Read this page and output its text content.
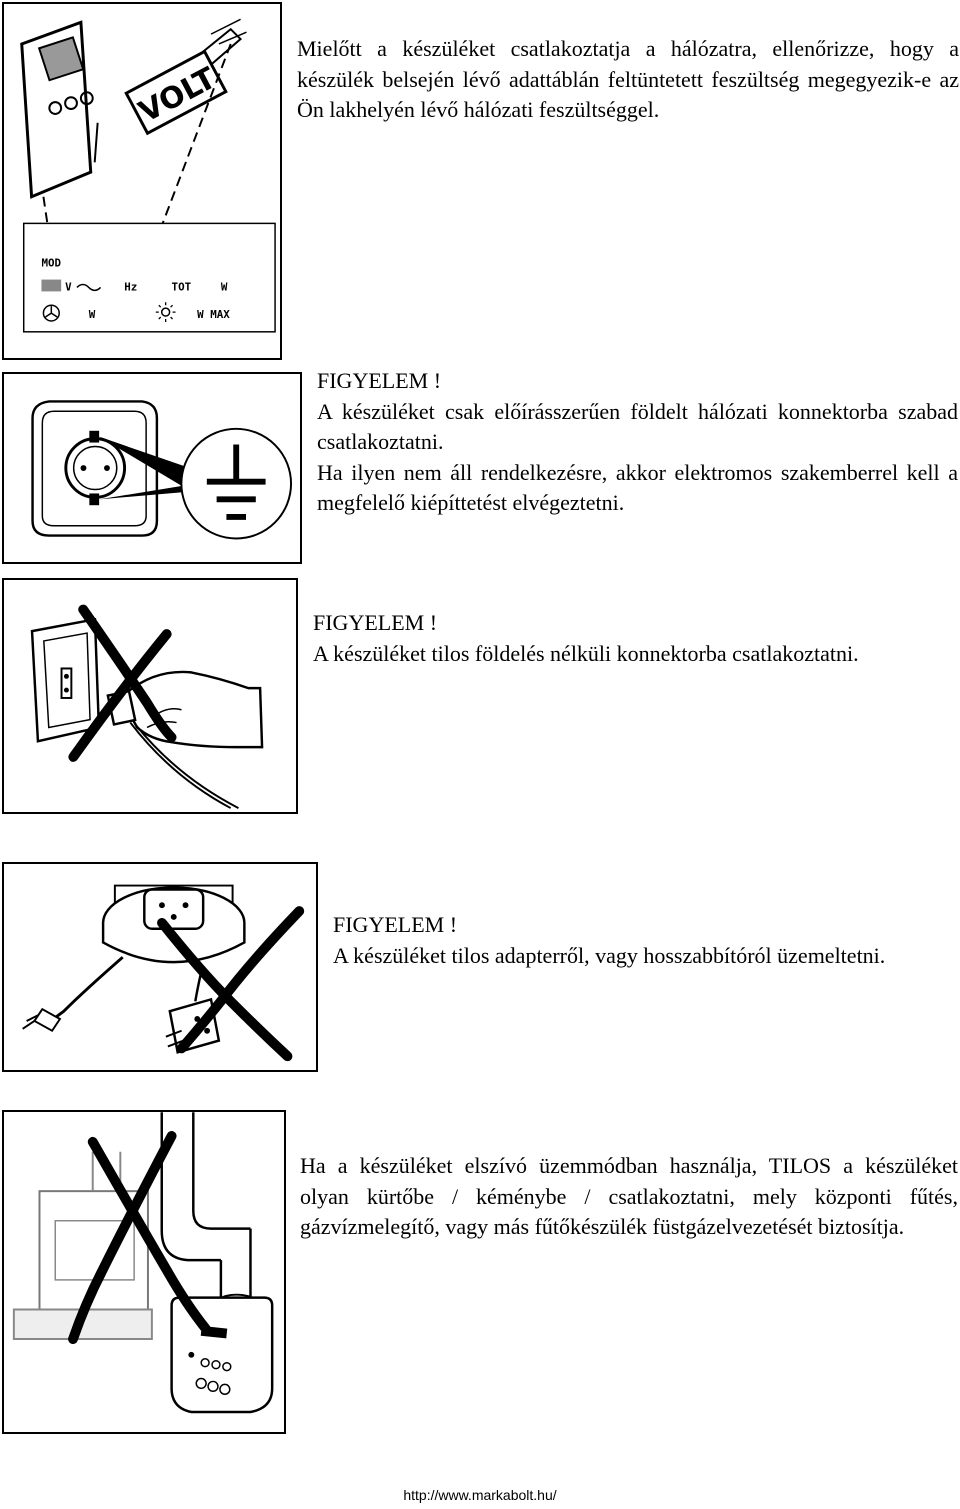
VOLT
MOD
V	Hz	TOT	W
W	W MAX
Mielőtt a készüléket csatlakoztatja a hálózatra, ellenőrizze, hogy a készülék belsején lévő adattáblán feltüntetett feszültség megegyezik-e az Ön lakhelyén lévő hálózati feszültséggel.
FIGYELEM !
A készüléket csak előírásszerűen földelt hálózati konnektorba szabad csatlakoztatni.
Ha ilyen nem áll rendelkezésre, akkor elektromos szakemberrel kell a megfelelő kiépíttetést elvégeztetni.
FIGYELEM !
A készüléket tilos földelés nélküli konnektorba csatlakoztatni.
FIGYELEM !
A készüléket tilos adapterről, vagy hosszabbítóról üzemeltetni.
Ha a készüléket elszívó üzemmódban használja, TILOS a készüléket olyan kürtőbe / kéménybe / csatlakoztatni, mely központi fűtés, gázvízmelegítő, vagy más fűtőkészülék füstgázelvezetését biztosítja.
http://www.markabolt.hu/
